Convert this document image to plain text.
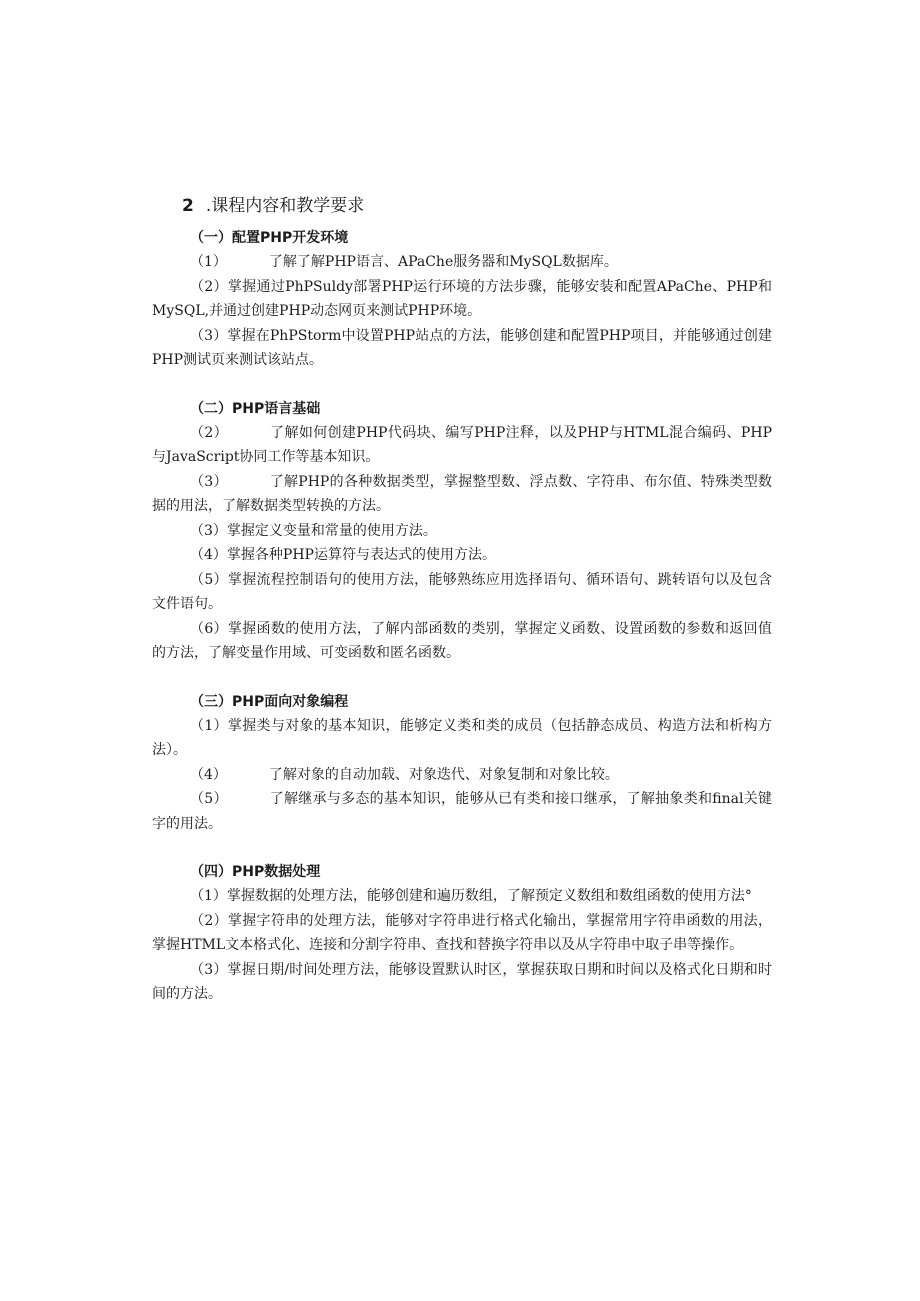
2 .课程内容和教学要求

（一）配置PHP开发环境

（1）	了解了解PHP语言、APaChe服务器和MySQL数据库。

（2）掌握通过PhPSuldy部署PHP运行环境的方法步骤，能够安装和配置APaChe、PHP和MySQL,并通过创建PHP动态网页来测试PHP环境。

（3）掌握在PhPStorm中设置PHP站点的方法，能够创建和配置PHP项目，并能够通过创建PHP测试页来测试该站点。

（二）PHP语言基础

（2）	了解如何创建PHP代码块、编写PHP注释，以及PHP与HTML混合编码、PHP与JavaScript协同工作等基本知识。

（3）	了解PHP的各种数据类型，掌握整型数、浮点数、字符串、布尔值、特殊类型数据的用法，了解数据类型转换的方法。

（3）掌握定义变量和常量的使用方法。

（4）掌握各种PHP运算符与表达式的使用方法。

（5）掌握流程控制语句的使用方法，能够熟练应用选择语句、循环语句、跳转语句以及包含文件语句。

（6）掌握函数的使用方法，了解内部函数的类别，掌握定义函数、设置函数的参数和返回值的方法，了解变量作用域、可变函数和匿名函数。

（三）PHP面向对象编程

（1）掌握类与对象的基本知识，能够定义类和类的成员（包括静态成员、构造方法和析构方法）。

（4）	了解对象的自动加载、对象迭代、对象复制和对象比较。

（5）	了解继承与多态的基本知识，能够从已有类和接口继承，了解抽象类和final关键字的用法。

（四）PHP数据处理

（1）掌握数据的处理方法，能够创建和遍历数组，了解预定义数组和数组函数的使用方法°

（2）掌握字符串的处理方法，能够对字符串进行格式化输出，掌握常用字符串函数的用法，掌握HTML文本格式化、连接和分割字符串、查找和替换字符串以及从字符串中取子串等操作。

（3）掌握日期/时间处理方法，能够设置默认时区，掌握获取日期和时间以及格式化日期和时间的方法。
